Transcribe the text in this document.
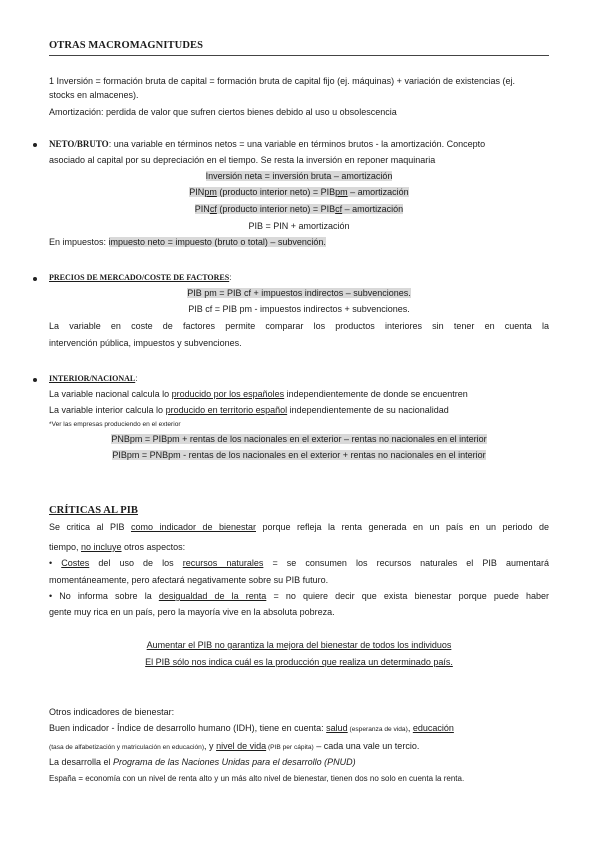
OTRAS MACROMAGNITUDES
1 Inversión = formación bruta de capital = formación bruta de capital fijo (ej. máquinas) + variación de existencias (ej.
stocks en almacenes).
Amortización: perdida de valor que sufren ciertos bienes debido al uso u obsolescencia
NETO/BRUTO: una variable en términos netos = una variable en términos brutos - la amortización. Concepto
asociado al capital por su depreciación en el tiempo. Se resta la inversión en reponer maquinaria
Inversión neta = inversión bruta – amortización
PINpm (producto interior neto) = PIBpm – amortización
PINcf (producto interior neto) = PIBcf – amortización
PIB = PIN + amortización
En impuestos: impuesto neto = impuesto (bruto o total) – subvención.
PRECIOS DE MERCADO/COSTE DE FACTORES:
PIB pm = PIB cf + impuestos indirectos – subvenciones.
PIB cf = PIB pm - impuestos indirectos + subvenciones.
La variable en coste de factores permite comparar los productos interiores sin tener en cuenta la
intervención pública, impuestos y subvenciones.
INTERIOR/NACIONAL:
La variable nacional calcula lo producido por los españoles independientemente de donde se encuentren
La variable interior calcula lo producido en territorio español independientemente de su nacionalidad
*Ver las empresas produciendo en el exterior
PNBpm = PIBpm + rentas de los nacionales en el exterior – rentas no nacionales en el interior
PIBpm = PNBpm - rentas de los nacionales en el exterior + rentas no nacionales en el interior
CRÍTICAS AL PIB
Se critica al PIB como indicador de bienestar porque refleja la renta generada en un país en un periodo de
tiempo, no incluye otros aspectos:
• Costes del uso de los recursos naturales = se consumen los recursos naturales el PIB aumentará
momentáneamente, pero afectará negativamente sobre su PIB futuro.
• No informa sobre la desigualdad de la renta = no quiere decir que exista bienestar porque puede haber
gente muy rica en un país, pero la mayoría vive en la absoluta pobreza.
Aumentar el PIB no garantiza la mejora del bienestar de todos los individuos
El PIB sólo nos indica cuál es la producción que realiza un determinado país.
Otros indicadores de bienestar:
Buen indicador - Índice de desarrollo humano (IDH), tiene en cuenta: salud (esperanza de vida), educación
(tasa de alfabetización y matriculación en educación), y nivel de vida (PIB per cápita) – cada una vale un tercio.
La desarrolla el Programa de las Naciones Unidas para el desarrollo (PNUD)
España = economía con un nivel de renta alto y un más alto nivel de bienestar, tienen dos no solo en cuenta la renta.
